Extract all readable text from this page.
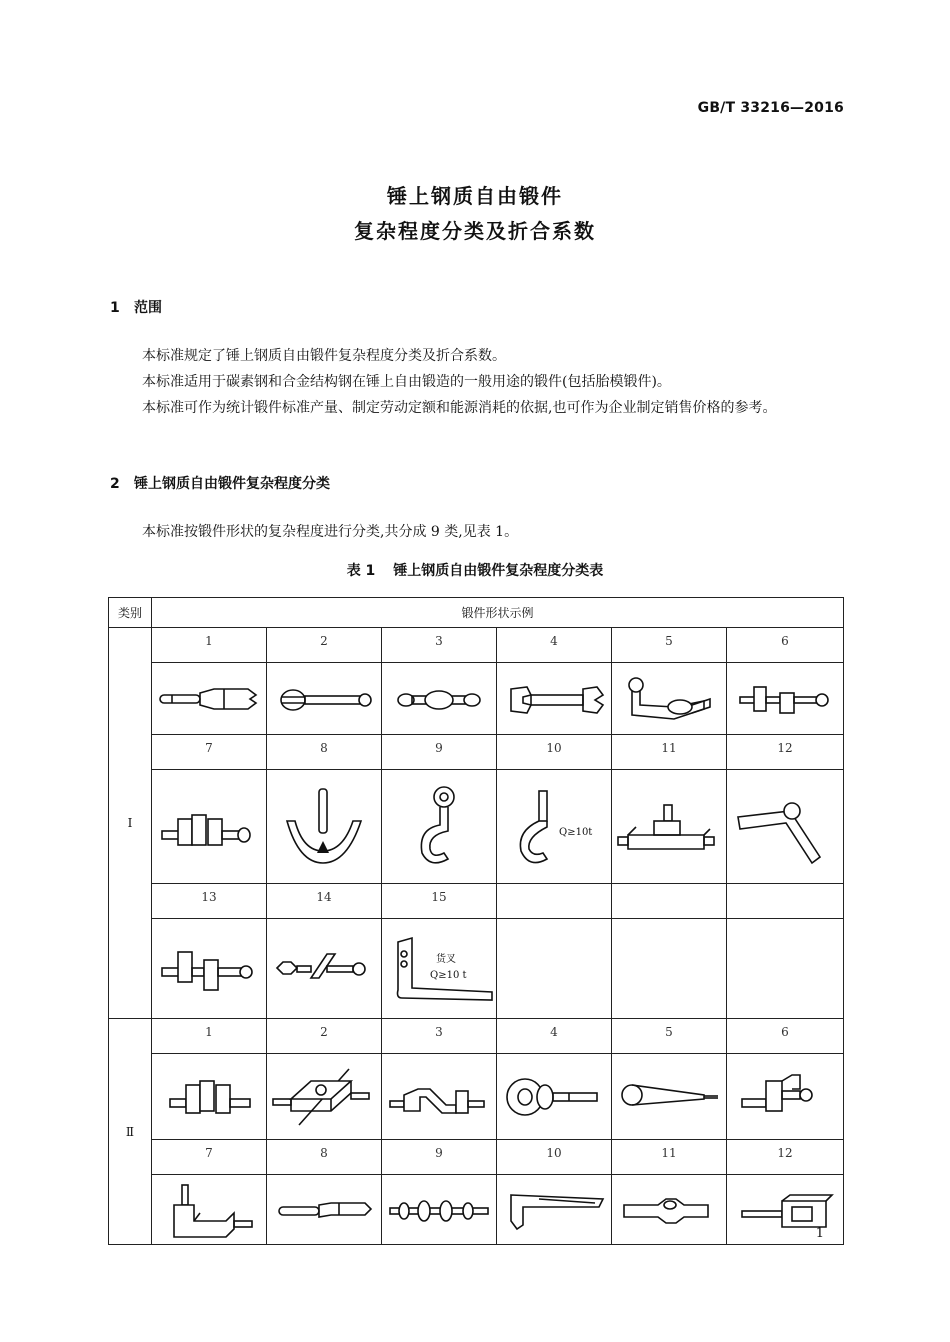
GB/T 33216—2016
锤上钢质自由锻件
复杂程度分类及折合系数
1 范围
本标准规定了锤上钢质自由锻件复杂程度分类及折合系数。
本标准适用于碳素钢和合金结构钢在锤上自由锻造的一般用途的锻件(包括胎模锻件)。
本标准可作为统计锻件标准产量、制定劳动定额和能源消耗的依据,也可作为企业制定销售价格的参考。
2 锤上钢质自由锻件复杂程度分类
本标准按锻件形状的复杂程度进行分类,共分成 9 类,见表 1。
表 1 锤上钢质自由锻件复杂程度分类表
类别	锻件形状示例					
Ⅰ	1	2	3	4	5	6

	7	8	9	10	11	12

Q≥10t

	13	14	15			

货叉
Q≥10 t			

Ⅱ	1	2	3	4	5	6

	7	8	9	10	11	12

1
